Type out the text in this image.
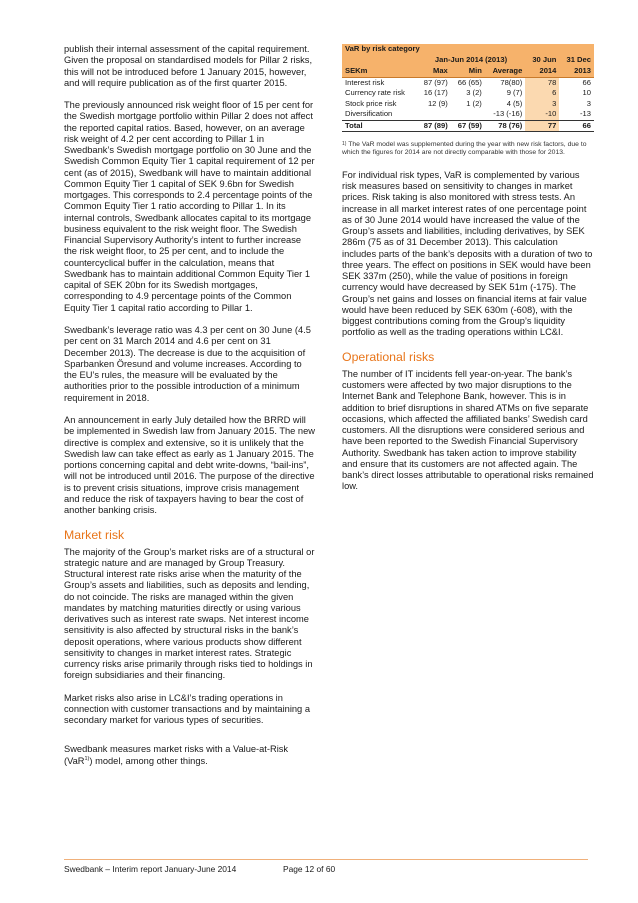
publish their internal assessment of the capital requirement. Given the proposal on standardised models for Pillar 2 risks, this will not be introduced before 1 January 2015, however, and will require publication as of the first quarter 2015.

The previously announced risk weight floor of 15 per cent for the Swedish mortgage portfolio within Pillar 2 does not affect the reported capital ratios. Based, however, on an average risk weight of 4.2 per cent according to Pillar 1 in Swedbank’s Swedish mortgage portfolio on 30 June and the Swedish Common Equity Tier 1 capital requirement of 12 per cent (as of 2015), Swedbank will have to maintain additional Common Equity Tier 1 capital of SEK 9.6bn for Swedish mortgages. This corresponds to 2.4 percentage points of the Common Equity Tier 1 ratio according to Pillar 1. In its internal controls, Swedbank allocates capital to its mortgage business equivalent to the risk weight floor. The Swedish Financial Supervisory Authority’s intent to further increase the risk weight floor, to 25 per cent, and to include the countercyclical buffer in the calculation, means that Swedbank has to maintain additional Common Equity Tier 1 capital of SEK 20bn for its Swedish mortgages, corresponding to 4.9 percentage points of the Common Equity Tier 1 capital ratio according to Pillar 1.

Swedbank’s leverage ratio was 4.3 per cent on 30 June (4.5 per cent on 31 March 2014 and 4.6 per cent on 31 December 2013). The decrease is due to the acquisition of Sparbanken Öresund and volume increases. According to the EU’s rules, the measure will be evaluated by the authorities prior to the possible introduction of a minimum requirement in 2018.

An announcement in early July detailed how the BRRD will be implemented in Swedish law from January 2015. The new directive is complex and extensive, so it is unlikely that the Swedish law can take effect as early as 1 January 2015. The portions concerning capital and debt write-downs, “bail-ins”, will not be introduced until 2016. The purpose of the directive is to prevent crisis situations, improve crisis management and reduce the risk of taxpayers having to bear the cost of another banking crisis.

Market risk

The majority of the Group’s market risks are of a structural or strategic nature and are managed by Group Treasury. Structural interest rate risks arise when the maturity of the Group’s assets and liabilities, such as deposits and lending, do not coincide. The risks are managed within the given mandates by matching maturities directly or using various derivatives such as interest rate swaps. Net interest income sensitivity is also affected by structural risks in the bank’s deposit operations, where various products show different sensitivity to changes in market interest rates. Strategic currency risks arise primarily through risks tied to holdings in foreign subsidiaries and their financing.

Market risks also arise in LC&I’s trading operations in connection with customer transactions and by maintaining a secondary market for various types of securities.

Swedbank measures market risks with a Value-at-Risk (VaR$^{1)}$) model, among other things.

VaR by risk category					
	Jan-Jun 2014 (2013)			30 Jun	31 Dec
SEKm	Max	Min	Average	2014	2013
Interest risk	87 (97)	66 (65)	78(80)	78	66
Currency rate risk	16 (17)	3 (2)	9 (7)	6	10
Stock price risk	12 (9)	1 (2)	4 (5)	3	3
Diversification			-13 (-16)	-10	-13
Total	87 (89)	67 (59)	78 (76)	77	66
$^{1)}$ The VaR model was supplemented during the year with new risk factors, due to which the figures for 2014 are not directly comparable with those for 2013.

For individual risk types, VaR is complemented by various risk measures based on sensitivity to changes in market prices. Risk taking is also monitored with stress tests. An increase in all market interest rates of one percentage point as of 30 June 2014 would have increased the value of the Group’s assets and liabilities, including derivatives, by SEK 286m (75 as of 31 December 2013). This calculation includes parts of the bank’s deposits with a duration of two to three years. The effect on positions in SEK would have been SEK 337m (250), while the value of positions in foreign currency would have decreased by SEK 51m (-175). The Group’s net gains and losses on financial items at fair value would have been reduced by SEK 630m (-608), with the biggest contributions coming from the Group’s liquidity portfolio as well as the trading operations within LC&I.

Operational risks

The number of IT incidents fell year-on-year. The bank’s customers were affected by two major disruptions to the Internet Bank and Telephone Bank, however. This is in addition to brief disruptions in shared ATMs on five separate occasions, which affected the affiliated banks’ Swedish card customers. All the disruptions were considered serious and have been reported to the Swedish Financial Supervisory Authority. Swedbank has taken action to improve stability and ensure that its customers are not affected again. The bank’s direct losses attributable to operational risks remained low.

Swedbank – Interim report January-June 2014	Page 12 of 60
